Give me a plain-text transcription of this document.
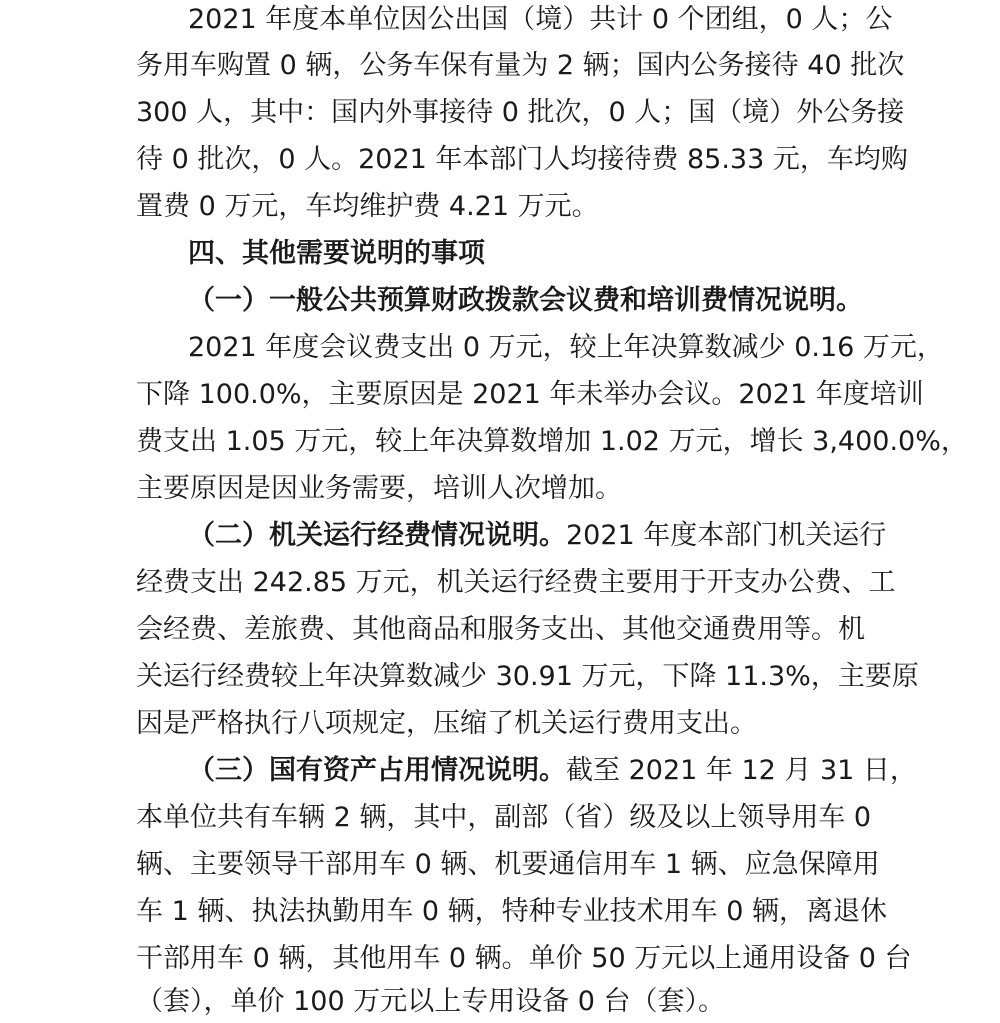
2021 年度本单位因公出国（境）共计 0 个团组，0 人；公
务用车购置 0 辆，公务车保有量为 2 辆；国内公务接待 40 批次
300 人，其中：国内外事接待 0 批次，0 人；国（境）外公务接
待 0 批次，0 人。2021 年本部门人均接待费 85.33 元，车均购
置费 0 万元，车均维护费 4.21 万元。
四、其他需要说明的事项
（一）一般公共预算财政拨款会议费和培训费情况说明。
2021 年度会议费支出 0 万元，较上年决算数减少 0.16 万元，
下降 100.0%，主要原因是 2021 年未举办会议。2021 年度培训
费支出 1.05 万元，较上年决算数增加 1.02 万元，增长 3,400.0%，
主要原因是因业务需要，培训人次增加。
（二）机关运行经费情况说明。2021 年度本部门机关运行
经费支出 242.85 万元，机关运行经费主要用于开支办公费、工
会经费、差旅费、其他商品和服务支出、其他交通费用等。机
关运行经费较上年决算数减少 30.91 万元，下降 11.3%，主要原
因是严格执行八项规定，压缩了机关运行费用支出。
（三）国有资产占用情况说明。截至 2021 年 12 月 31 日，
本单位共有车辆 2 辆，其中，副部（省）级及以上领导用车 0
辆、主要领导干部用车 0 辆、机要通信用车 1 辆、应急保障用
车 1 辆、执法执勤用车 0 辆，特种专业技术用车 0 辆，离退休
干部用车 0 辆，其他用车 0 辆。单价 50 万元以上通用设备 0 台
（套），单价 100 万元以上专用设备 0 台（套）。
